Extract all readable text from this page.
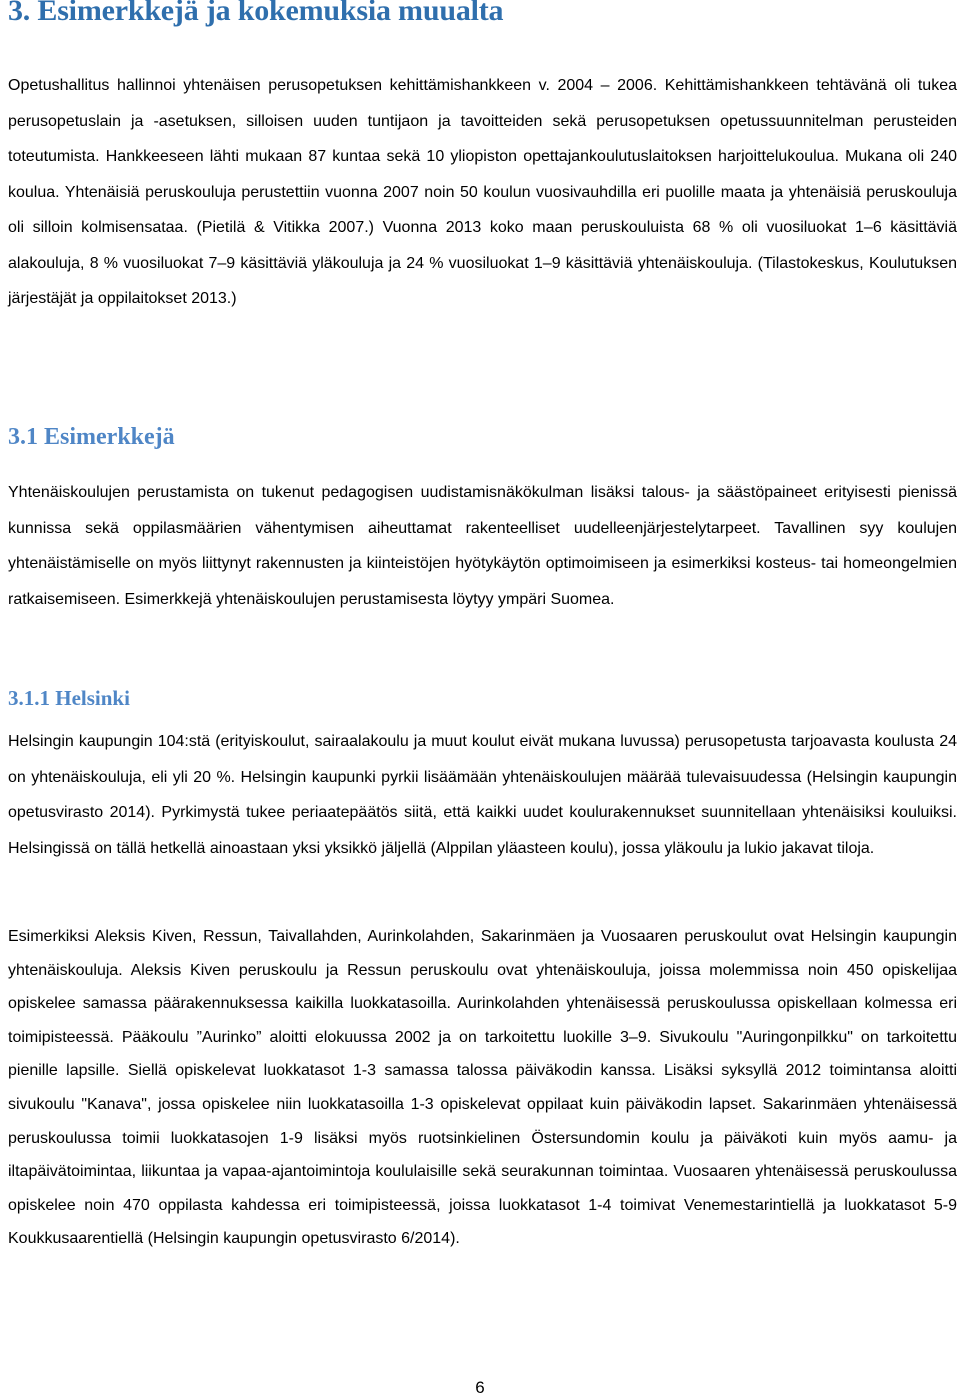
3. Esimerkkejä ja kokemuksia muualta

Opetushallitus hallinnoi yhtenäisen perusopetuksen kehittämishankkeen v. 2004 – 2006. Kehittämishankkeen tehtävänä oli tukea perusopetuslain ja -asetuksen, silloisen uuden tuntijaon ja tavoitteiden sekä perusopetuksen opetussuunnitelman perusteiden toteutumista. Hankkeeseen lähti mukaan 87 kuntaa sekä 10 yliopiston opettajankoulutuslaitoksen harjoittelukoulua. Mukana oli 240 koulua. Yhtenäisiä peruskouluja perustettiin vuonna 2007 noin 50 koulun vuosivauhdilla eri puolille maata ja yhtenäisiä peruskouluja oli silloin kolmisensataa. (Pietilä & Vitikka 2007.) Vuonna 2013 koko maan peruskouluista 68 % oli vuosiluokat 1–6 käsittäviä alakouluja, 8 % vuosiluokat 7–9 käsittäviä yläkouluja ja 24 % vuosiluokat 1–9 käsittäviä yhtenäiskouluja. (Tilastokeskus, Koulutuksen järjestäjät ja oppilaitokset 2013.)

3.1 Esimerkkejä

Yhtenäiskoulujen perustamista on tukenut pedagogisen uudistamisnäkökulman lisäksi talous- ja säästöpaineet erityisesti pienissä kunnissa sekä oppilasmäärien vähentymisen aiheuttamat rakenteelliset uudelleenjärjestelytarpeet. Tavallinen syy koulujen yhtenäistämiselle on myös liittynyt rakennusten ja kiinteistöjen hyötykäytön optimoimiseen ja esimerkiksi kosteus- tai homeongelmien ratkaisemiseen. Esimerkkejä yhtenäiskoulujen perustamisesta löytyy ympäri Suomea.

3.1.1 Helsinki

Helsingin kaupungin 104:stä (erityiskoulut, sairaalakoulu ja muut koulut eivät mukana luvussa) perusopetusta tarjoavasta koulusta 24 on yhtenäiskouluja, eli yli 20 %. Helsingin kaupunki pyrkii lisäämään yhtenäiskoulujen määrää tulevaisuudessa (Helsingin kaupungin opetusvirasto 2014). Pyrkimystä tukee periaatepäätös siitä, että kaikki uudet koulurakennukset suunnitellaan yhtenäisiksi kouluiksi. Helsingissä on tällä hetkellä ainoastaan yksi yksikkö jäljellä (Alppilan yläasteen koulu), jossa yläkoulu ja lukio jakavat tiloja.

Esimerkiksi Aleksis Kiven, Ressun, Taivallahden, Aurinkolahden, Sakarinmäen ja Vuosaaren peruskoulut ovat Helsingin kaupungin yhtenäiskouluja. Aleksis Kiven peruskoulu ja Ressun peruskoulu ovat yhtenäiskouluja, joissa molemmissa noin 450 opiskelijaa opiskelee samassa päärakennuksessa kaikilla luokkatasoilla. Aurinkolahden yhtenäisessä peruskoulussa opiskellaan kolmessa eri toimipisteessä. Pääkoulu ”Aurinko” aloitti elokuussa 2002 ja on tarkoitettu luokille 3–9. Sivukoulu "Auringonpilkku" on tarkoitettu pienille lapsille. Siellä opiskelevat luokkatasot 1-3 samassa talossa päiväkodin kanssa. Lisäksi syksyllä 2012 toimintansa aloitti sivukoulu "Kanava", jossa opiskelee niin luokkatasoilla 1-3 opiskelevat oppilaat kuin päiväkodin lapset. Sakarinmäen yhtenäisessä peruskoulussa toimii luokkatasojen 1-9 lisäksi myös ruotsinkielinen Östersundomin koulu ja päiväkoti kuin myös aamu- ja iltapäivätoimintaa, liikuntaa ja vapaa-ajantoimintoja koululaisille sekä seurakunnan toimintaa. Vuosaaren yhtenäisessä peruskoulussa opiskelee noin 470 oppilasta kahdessa eri toimipisteessä, joissa luokkatasot 1-4 toimivat Venemestarintiellä ja luokkatasot 5-9 Koukkusaarentiellä (Helsingin kaupungin opetusvirasto 6/2014).

6
